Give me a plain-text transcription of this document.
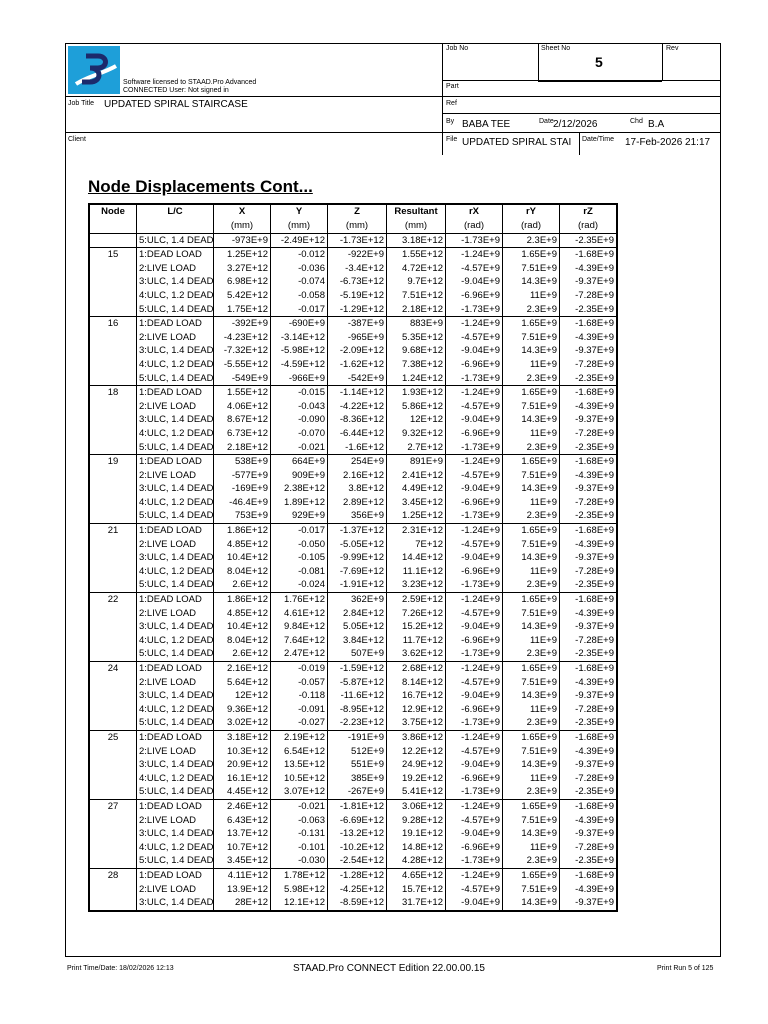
Software licensed to STAAD.Pro Advanced
CONNECTED User: Not signed in
Job No	Sheet No
5
Rev
Part
Job Title UPDATED SPIRAL STAIRCASE	Ref
By BABA TEE	Date 2/12/2026	Chd B.A
Client	File UPDATED SPIRAL STAI	Date/Time 17-Feb-2026 21:17
Node Displacements Cont...
Node	L/C	X	Y	Z	Resultant	rX	rY	rZ
		(mm)	(mm)	(mm)	(mm)	(rad)	(rad)	(rad)
	5:ULC, 1.4 DEAD	-973E+9	-2.49E+12	-1.73E+12	3.18E+12	-1.73E+9	2.3E+9	-2.35E+9
15	1:DEAD LOAD	1.25E+12	-0.012	-922E+9	1.55E+12	-1.24E+9	1.65E+9	-1.68E+9
	2:LIVE LOAD	3.27E+12	-0.036	-3.4E+12	4.72E+12	-4.57E+9	7.51E+9	-4.39E+9
	3:ULC, 1.4 DEAD	6.98E+12	-0.074	-6.73E+12	9.7E+12	-9.04E+9	14.3E+9	-9.37E+9
	4:ULC, 1.2 DEAD	5.42E+12	-0.058	-5.19E+12	7.51E+12	-6.96E+9	11E+9	-7.28E+9
	5:ULC, 1.4 DEAD	1.75E+12	-0.017	-1.29E+12	2.18E+12	-1.73E+9	2.3E+9	-2.35E+9
16	1:DEAD LOAD	-392E+9	-690E+9	-387E+9	883E+9	-1.24E+9	1.65E+9	-1.68E+9
	2:LIVE LOAD	-4.23E+12	-3.14E+12	-965E+9	5.35E+12	-4.57E+9	7.51E+9	-4.39E+9
	3:ULC, 1.4 DEAD	-7.32E+12	-5.98E+12	-2.09E+12	9.68E+12	-9.04E+9	14.3E+9	-9.37E+9
	4:ULC, 1.2 DEAD	-5.55E+12	-4.59E+12	-1.62E+12	7.38E+12	-6.96E+9	11E+9	-7.28E+9
	5:ULC, 1.4 DEAD	-549E+9	-966E+9	-542E+9	1.24E+12	-1.73E+9	2.3E+9	-2.35E+9
18	1:DEAD LOAD	1.55E+12	-0.015	-1.14E+12	1.93E+12	-1.24E+9	1.65E+9	-1.68E+9
	2:LIVE LOAD	4.06E+12	-0.043	-4.22E+12	5.86E+12	-4.57E+9	7.51E+9	-4.39E+9
	3:ULC, 1.4 DEAD	8.67E+12	-0.090	-8.36E+12	12E+12	-9.04E+9	14.3E+9	-9.37E+9
	4:ULC, 1.2 DEAD	6.73E+12	-0.070	-6.44E+12	9.32E+12	-6.96E+9	11E+9	-7.28E+9
	5:ULC, 1.4 DEAD	2.18E+12	-0.021	-1.6E+12	2.7E+12	-1.73E+9	2.3E+9	-2.35E+9
19	1:DEAD LOAD	538E+9	664E+9	254E+9	891E+9	-1.24E+9	1.65E+9	-1.68E+9
	2:LIVE LOAD	-577E+9	909E+9	2.16E+12	2.41E+12	-4.57E+9	7.51E+9	-4.39E+9
	3:ULC, 1.4 DEAD	-169E+9	2.38E+12	3.8E+12	4.49E+12	-9.04E+9	14.3E+9	-9.37E+9
	4:ULC, 1.2 DEAD	-46.4E+9	1.89E+12	2.89E+12	3.45E+12	-6.96E+9	11E+9	-7.28E+9
	5:ULC, 1.4 DEAD	753E+9	929E+9	356E+9	1.25E+12	-1.73E+9	2.3E+9	-2.35E+9
21	1:DEAD LOAD	1.86E+12	-0.017	-1.37E+12	2.31E+12	-1.24E+9	1.65E+9	-1.68E+9
	2:LIVE LOAD	4.85E+12	-0.050	-5.05E+12	7E+12	-4.57E+9	7.51E+9	-4.39E+9
	3:ULC, 1.4 DEAD	10.4E+12	-0.105	-9.99E+12	14.4E+12	-9.04E+9	14.3E+9	-9.37E+9
	4:ULC, 1.2 DEAD	8.04E+12	-0.081	-7.69E+12	11.1E+12	-6.96E+9	11E+9	-7.28E+9
	5:ULC, 1.4 DEAD	2.6E+12	-0.024	-1.91E+12	3.23E+12	-1.73E+9	2.3E+9	-2.35E+9
22	1:DEAD LOAD	1.86E+12	1.76E+12	362E+9	2.59E+12	-1.24E+9	1.65E+9	-1.68E+9
	2:LIVE LOAD	4.85E+12	4.61E+12	2.84E+12	7.26E+12	-4.57E+9	7.51E+9	-4.39E+9
	3:ULC, 1.4 DEAD	10.4E+12	9.84E+12	5.05E+12	15.2E+12	-9.04E+9	14.3E+9	-9.37E+9
	4:ULC, 1.2 DEAD	8.04E+12	7.64E+12	3.84E+12	11.7E+12	-6.96E+9	11E+9	-7.28E+9
	5:ULC, 1.4 DEAD	2.6E+12	2.47E+12	507E+9	3.62E+12	-1.73E+9	2.3E+9	-2.35E+9
24	1:DEAD LOAD	2.16E+12	-0.019	-1.59E+12	2.68E+12	-1.24E+9	1.65E+9	-1.68E+9
	2:LIVE LOAD	5.64E+12	-0.057	-5.87E+12	8.14E+12	-4.57E+9	7.51E+9	-4.39E+9
	3:ULC, 1.4 DEAD	12E+12	-0.118	-11.6E+12	16.7E+12	-9.04E+9	14.3E+9	-9.37E+9
	4:ULC, 1.2 DEAD	9.36E+12	-0.091	-8.95E+12	12.9E+12	-6.96E+9	11E+9	-7.28E+9
	5:ULC, 1.4 DEAD	3.02E+12	-0.027	-2.23E+12	3.75E+12	-1.73E+9	2.3E+9	-2.35E+9
25	1:DEAD LOAD	3.18E+12	2.19E+12	-191E+9	3.86E+12	-1.24E+9	1.65E+9	-1.68E+9
	2:LIVE LOAD	10.3E+12	6.54E+12	512E+9	12.2E+12	-4.57E+9	7.51E+9	-4.39E+9
	3:ULC, 1.4 DEAD	20.9E+12	13.5E+12	551E+9	24.9E+12	-9.04E+9	14.3E+9	-9.37E+9
	4:ULC, 1.2 DEAD	16.1E+12	10.5E+12	385E+9	19.2E+12	-6.96E+9	11E+9	-7.28E+9
	5:ULC, 1.4 DEAD	4.45E+12	3.07E+12	-267E+9	5.41E+12	-1.73E+9	2.3E+9	-2.35E+9
27	1:DEAD LOAD	2.46E+12	-0.021	-1.81E+12	3.06E+12	-1.24E+9	1.65E+9	-1.68E+9
	2:LIVE LOAD	6.43E+12	-0.063	-6.69E+12	9.28E+12	-4.57E+9	7.51E+9	-4.39E+9
	3:ULC, 1.4 DEAD	13.7E+12	-0.131	-13.2E+12	19.1E+12	-9.04E+9	14.3E+9	-9.37E+9
	4:ULC, 1.2 DEAD	10.7E+12	-0.101	-10.2E+12	14.8E+12	-6.96E+9	11E+9	-7.28E+9
	5:ULC, 1.4 DEAD	3.45E+12	-0.030	-2.54E+12	4.28E+12	-1.73E+9	2.3E+9	-2.35E+9
28	1:DEAD LOAD	4.11E+12	1.78E+12	-1.28E+12	4.65E+12	-1.24E+9	1.65E+9	-1.68E+9
	2:LIVE LOAD	13.9E+12	5.98E+12	-4.25E+12	15.7E+12	-4.57E+9	7.51E+9	-4.39E+9
	3:ULC, 1.4 DEAD	28E+12	12.1E+12	-8.59E+12	31.7E+12	-9.04E+9	14.3E+9	-9.37E+9
Print Time/Date: 18/02/2026 12:13	STAAD.Pro CONNECT Edition 22.00.00.15	Print Run 5 of 125
